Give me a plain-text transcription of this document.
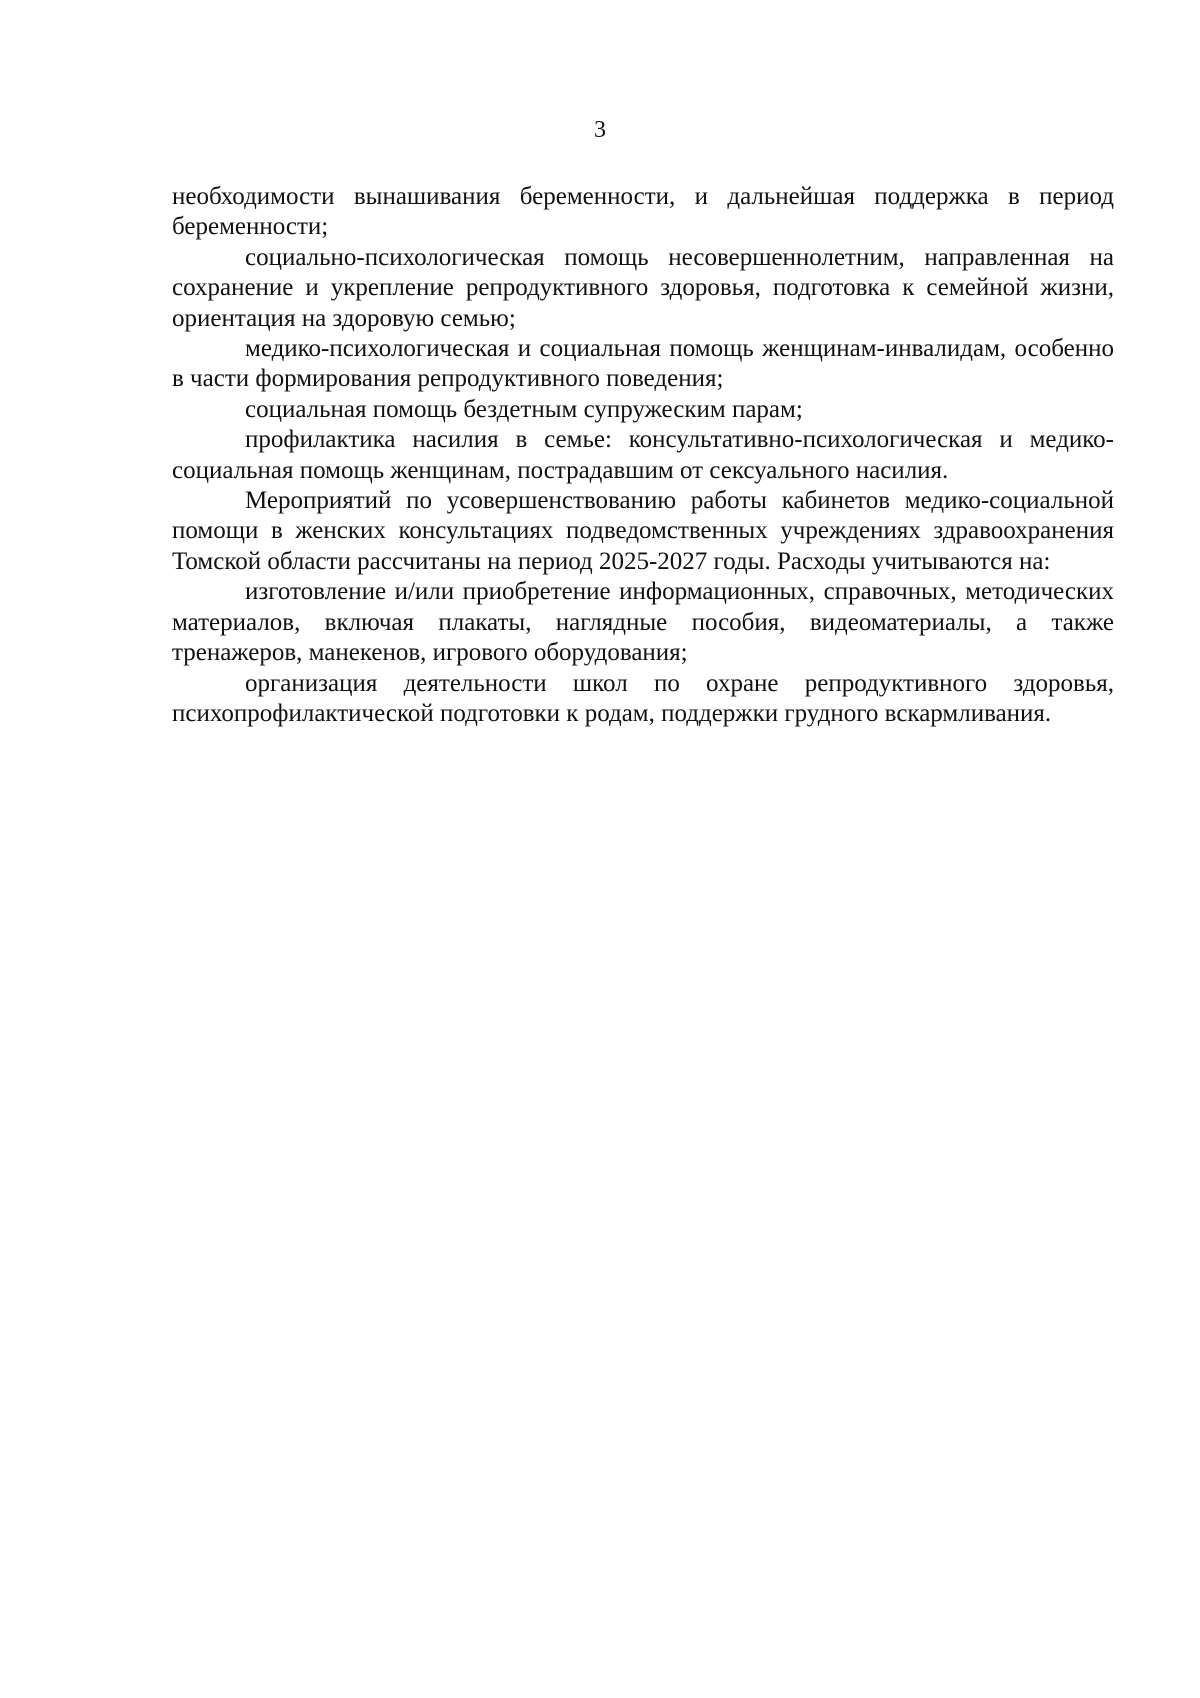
3

необходимости вынашивания беременности, и дальнейшая поддержка в период беременности;

социально-психологическая помощь несовершеннолетним, направленная на сохранение и укрепление репродуктивного здоровья, подготовка к семейной жизни, ориентация на здоровую семью;

медико-психологическая и социальная помощь женщинам-инвалидам, особенно в части формирования репродуктивного поведения;

социальная помощь бездетным супружеским парам;

профилактика насилия в семье: консультативно-психологическая и медико-социальная помощь женщинам, пострадавшим от сексуального насилия.

Мероприятий по усовершенствованию работы кабинетов медико-социальной помощи в женских консультациях подведомственных учреждениях здравоохранения Томской области рассчитаны на период 2025-2027 годы. Расходы учитываются на:

изготовление и/или приобретение информационных, справочных, методических материалов, включая плакаты, наглядные пособия, видеоматериалы, а также тренажеров, манекенов, игрового оборудования;

организация деятельности школ по охране репродуктивного здоровья, психопрофилактической подготовки к родам, поддержки грудного вскармливания.
